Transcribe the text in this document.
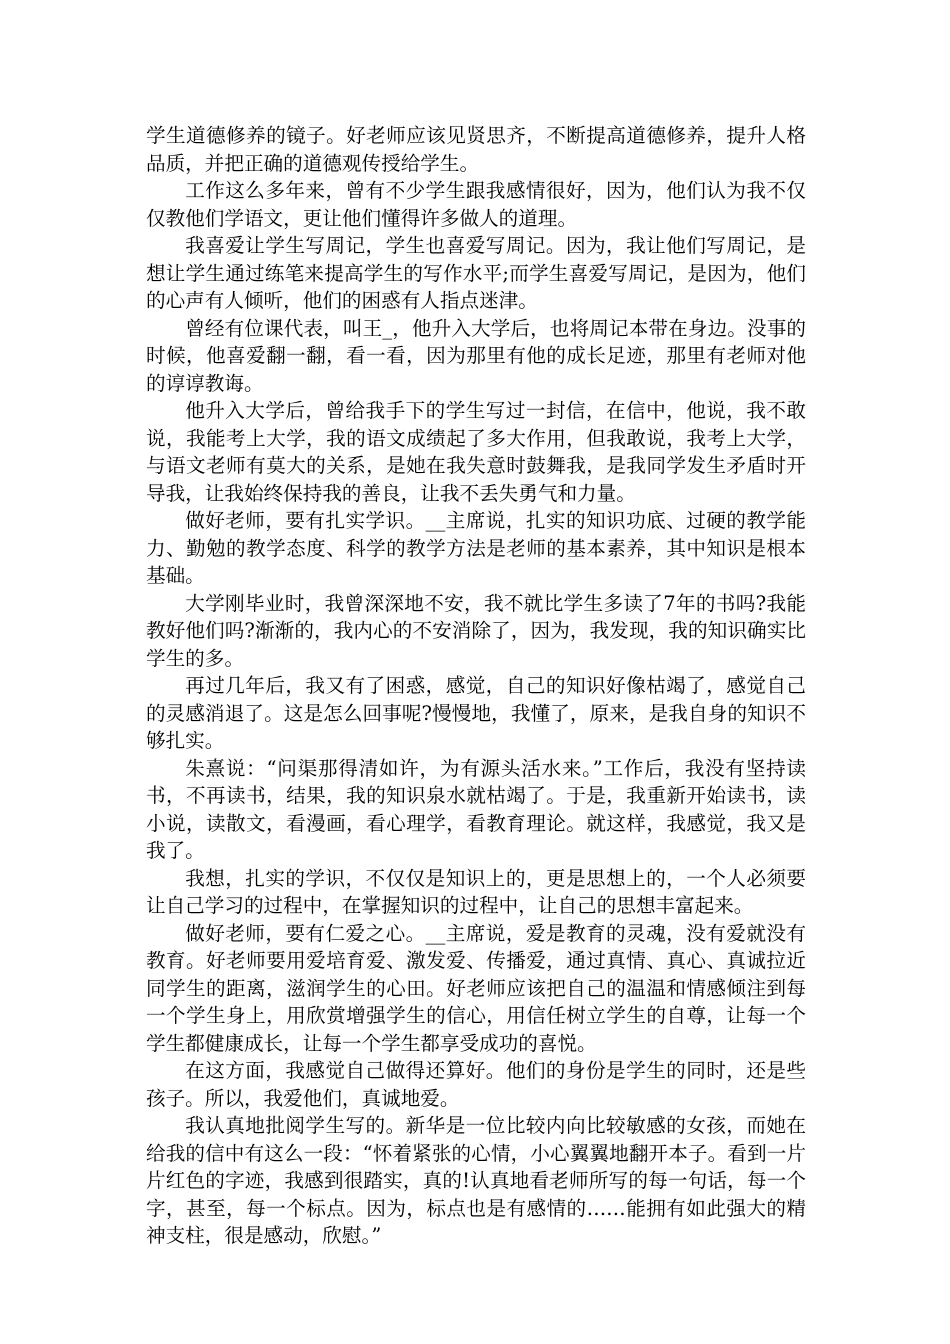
学生道德修养的镜子。好老师应该见贤思齐，不断提高道德修养，提升人格品质，并把正确的道德观传授给学生。

工作这么多年来，曾有不少学生跟我感情很好，因为，他们认为我不仅仅教他们学语文，更让他们懂得许多做人的道理。

我喜爱让学生写周记，学生也喜爱写周记。因为，我让他们写周记，是想让学生通过练笔来提高学生的写作水平;而学生喜爱写周记，是因为，他们的心声有人倾听，他们的困惑有人指点迷津。

曾经有位课代表，叫王_，他升入大学后，也将周记本带在身边。没事的时候，他喜爱翻一翻，看一看，因为那里有他的成长足迹，那里有老师对他的谆谆教诲。

他升入大学后，曾给我手下的学生写过一封信，在信中，他说，我不敢说，我能考上大学，我的语文成绩起了多大作用，但我敢说，我考上大学，与语文老师有莫大的关系，是她在我失意时鼓舞我，是我同学发生矛盾时开导我，让我始终保持我的善良，让我不丢失勇气和力量。

做好老师，要有扎实学识。__主席说，扎实的知识功底、过硬的教学能力、勤勉的教学态度、科学的教学方法是老师的基本素养，其中知识是根本基础。

大学刚毕业时，我曾深深地不安，我不就比学生多读了7年的书吗?我能教好他们吗?渐渐的，我内心的不安消除了，因为，我发现，我的知识确实比学生的多。

再过几年后，我又有了困惑，感觉，自己的知识好像枯竭了，感觉自己的灵感消退了。这是怎么回事呢?慢慢地，我懂了，原来，是我自身的知识不够扎实。

朱熹说：“问渠那得清如许，为有源头活水来。”工作后，我没有坚持读书，不再读书，结果，我的知识泉水就枯竭了。于是，我重新开始读书，读小说，读散文，看漫画，看心理学，看教育理论。就这样，我感觉，我又是我了。

我想，扎实的学识，不仅仅是知识上的，更是思想上的，一个人必须要让自己学习的过程中，在掌握知识的过程中，让自己的思想丰富起来。

做好老师，要有仁爱之心。__主席说，爱是教育的灵魂，没有爱就没有教育。好老师要用爱培育爱、激发爱、传播爱，通过真情、真心、真诚拉近同学生的距离，滋润学生的心田。好老师应该把自己的温温和情感倾注到每一个学生身上，用欣赏增强学生的信心，用信任树立学生的自尊，让每一个学生都健康成长，让每一个学生都享受成功的喜悦。

在这方面，我感觉自己做得还算好。他们的身份是学生的同时，还是些孩子。所以，我爱他们，真诚地爱。

我认真地批阅学生写的。新华是一位比较内向比较敏感的女孩，而她在给我的信中有这么一段：“怀着紧张的心情，小心翼翼地翻开本子。看到一片片红色的字迹，我感到很踏实，真的!认真地看老师所写的每一句话，每一个字，甚至，每一个标点。因为，标点也是有感情的……能拥有如此强大的精神支柱，很是感动，欣慰。”
